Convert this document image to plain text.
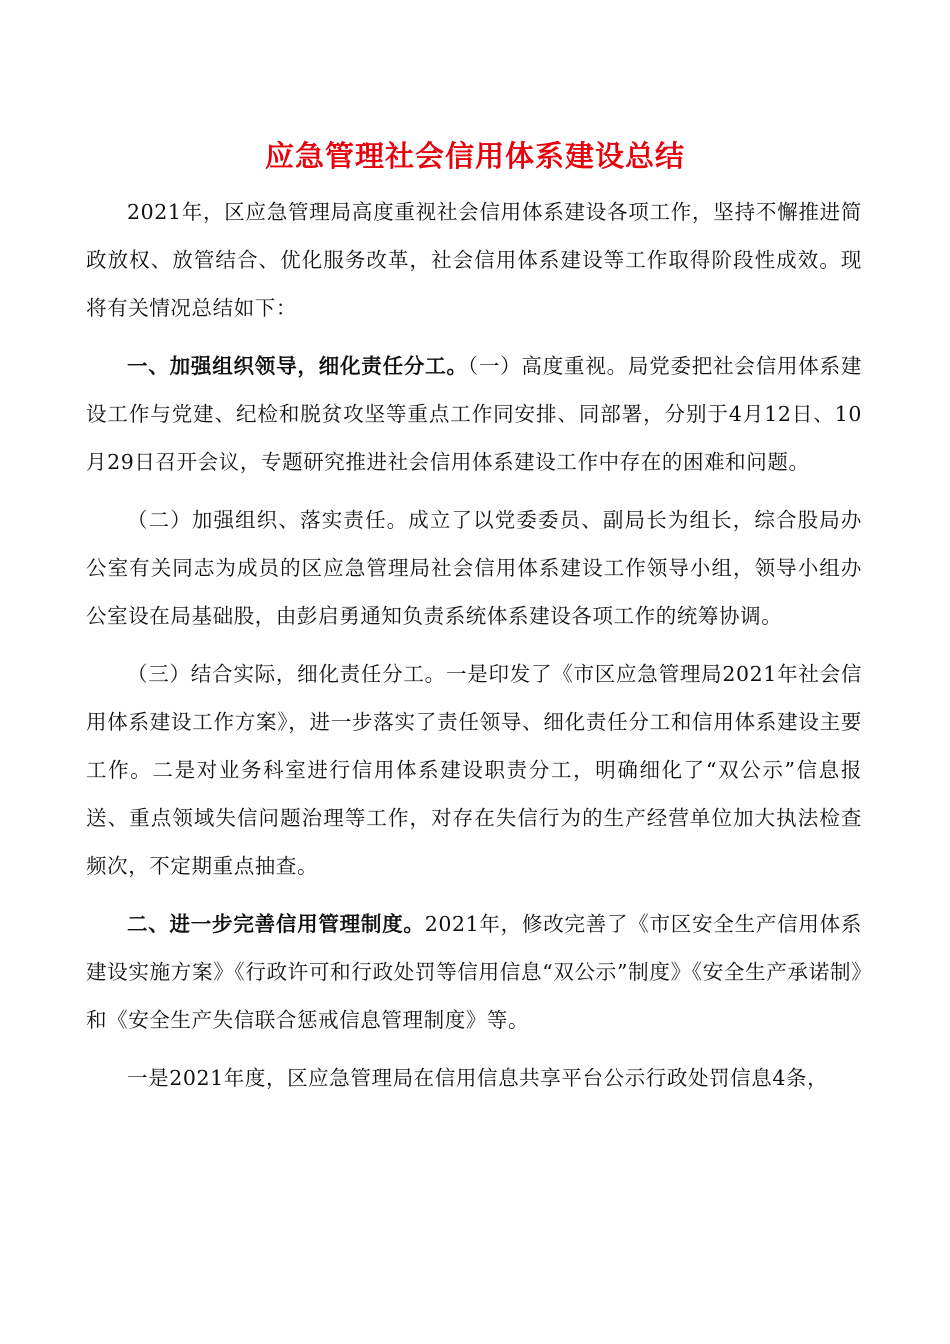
应急管理社会信用体系建设总结

2021年，区应急管理局高度重视社会信用体系建设各项工作，坚持不懈推进简政放权、放管结合、优化服务改革，社会信用体系建设等工作取得阶段性成效。现将有关情况总结如下：

一、加强组织领导，细化责任分工。（一）高度重视。局党委把社会信用体系建设工作与党建、纪检和脱贫攻坚等重点工作同安排、同部署，分别于4月12日、10月29日召开会议，专题研究推进社会信用体系建设工作中存在的困难和问题。

（二）加强组织、落实责任。成立了以党委委员、副局长为组长，综合股局办公室有关同志为成员的区应急管理局社会信用体系建设工作领导小组，领导小组办公室设在局基础股，由彭启勇通知负责系统体系建设各项工作的统筹协调。

（三）结合实际，细化责任分工。一是印发了《市区应急管理局2021年社会信用体系建设工作方案》，进一步落实了责任领导、细化责任分工和信用体系建设主要工作。二是对业务科室进行信用体系建设职责分工，明确细化了“双公示”信息报送、重点领域失信问题治理等工作，对存在失信行为的生产经营单位加大执法检查频次，不定期重点抽查。

二、进一步完善信用管理制度。2021年，修改完善了《市区安全生产信用体系建设实施方案》《行政许可和行政处罚等信用信息“双公示”制度》《安全生产承诺制》和《安全生产失信联合惩戒信息管理制度》等。

一是2021年度，区应急管理局在信用信息共享平台公示行政处罚信息4条，
